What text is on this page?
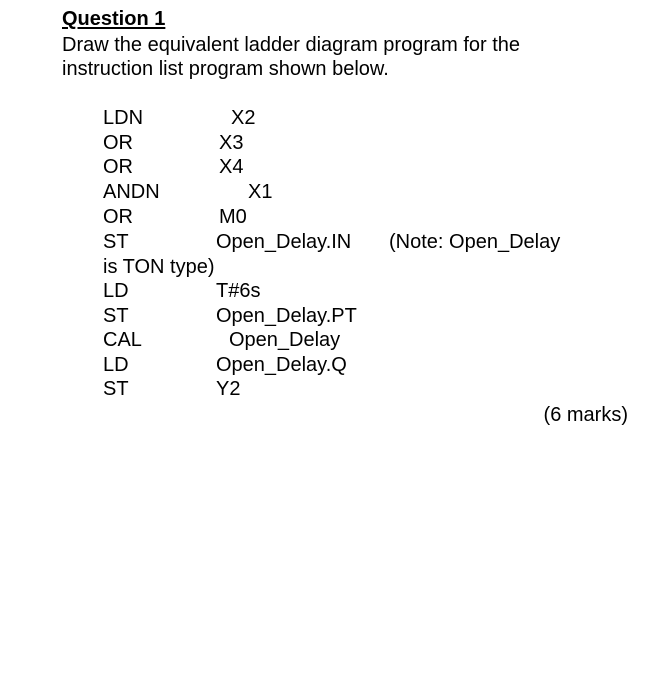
Question 1
Draw the equivalent ladder diagram program for the
instruction list program shown below.
LDN	X2
OR	X3
OR	X4
ANDN	X1
OR	M0
ST	Open_Delay.IN (Note: Open_Delay
is TON type)
LD	T#6s
ST	Open_Delay.PT
CAL	Open_Delay
LD	Open_Delay.Q
ST	Y2
(6 marks)
